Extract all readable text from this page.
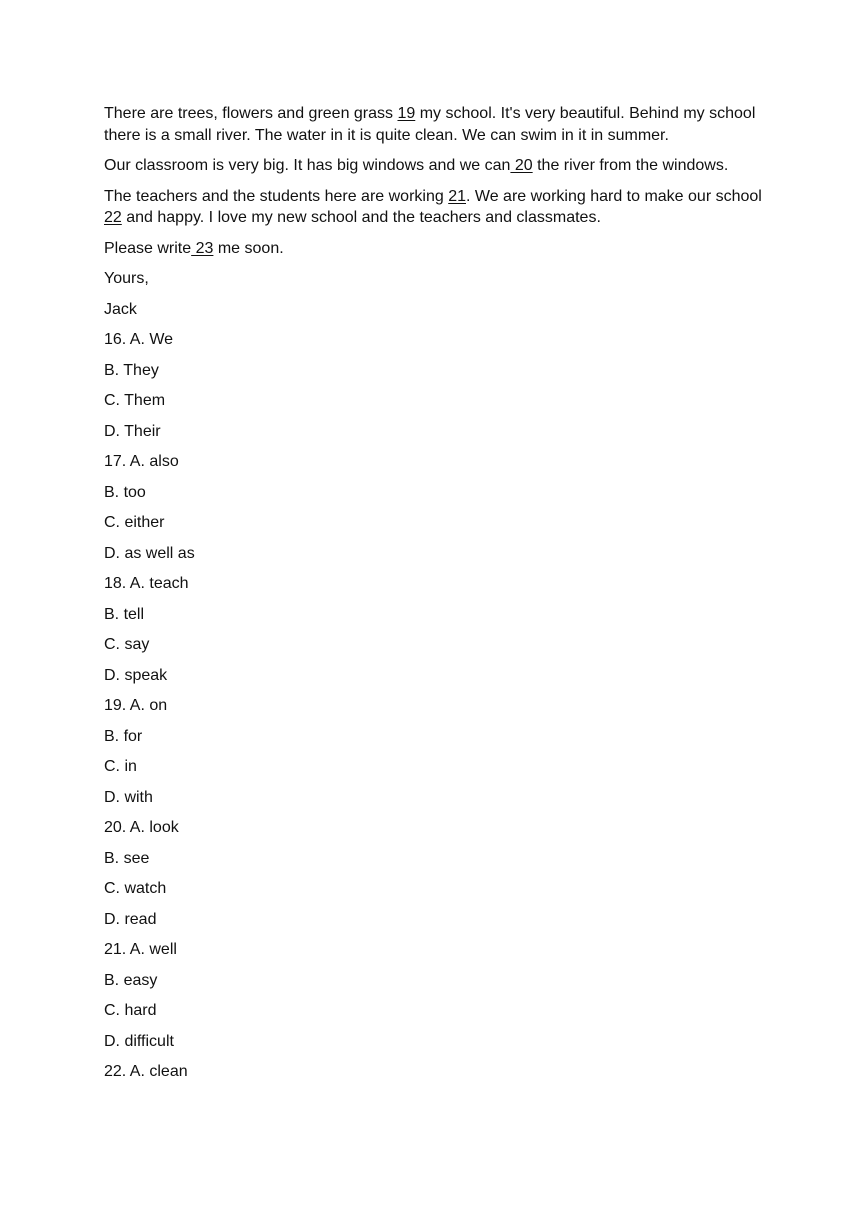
There are trees, flowers and green grass 19 my school. It's very beautiful. Behind my school there is a small river. The water in it is quite clean. We can swim in it in summer.

Our classroom is very big. It has big windows and we can 20 the river from the windows.

The teachers and the students here are working 21. We are working hard to make our school 22 and happy. I love my new school and the teachers and classmates.

Please write 23 me soon.

Yours,

Jack

16. A. We

B. They

C. Them

D. Their

17. A. also

B. too

C. either

D. as well as

18. A. teach

B. tell

C. say

D. speak

19. A. on

B. for

C. in

D. with

20. A. look

B. see

C. watch

D. read

21. A. well

B. easy

C. hard

D. difficult

22. A. clean
